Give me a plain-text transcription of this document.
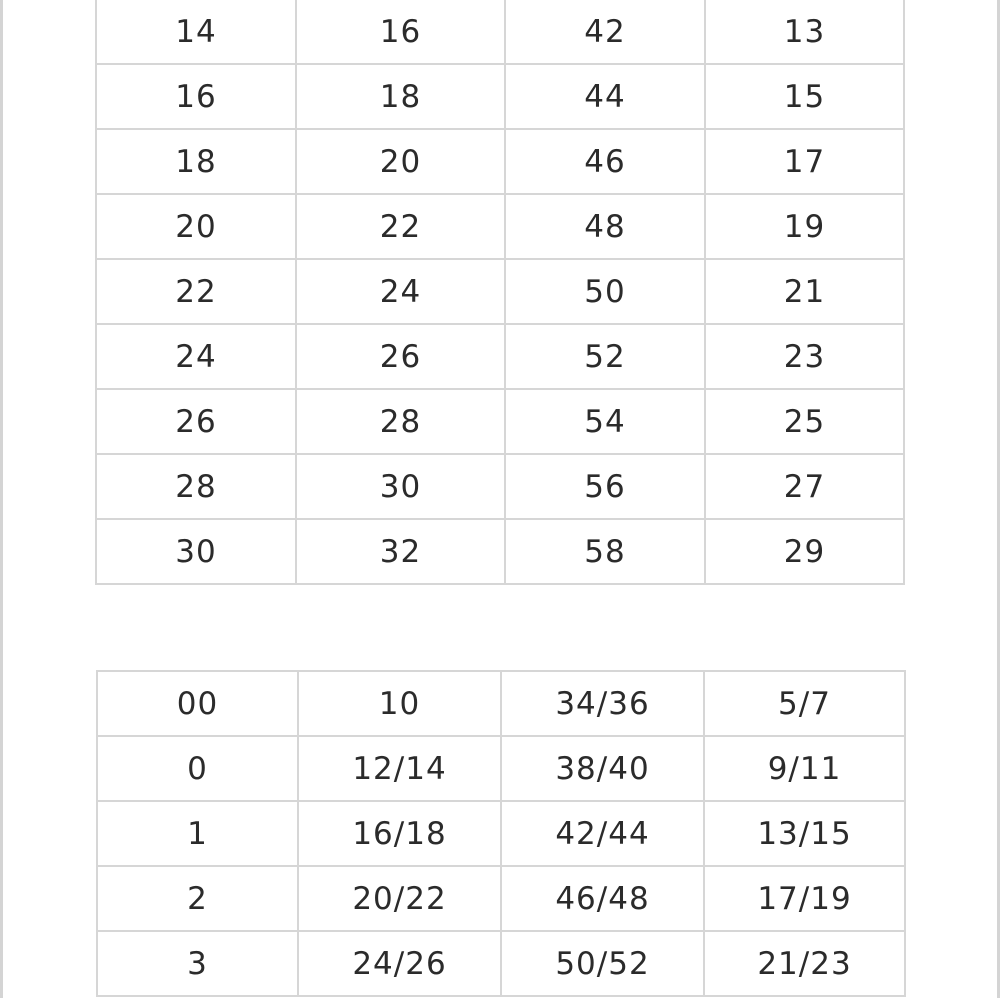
14	16	42	13
16	18	44	15
18	20	46	17
20	22	48	19
22	24	50	21
24	26	52	23
26	28	54	25
28	30	56	27
30	32	58	29
00	10	34/36	5/7
0	12/14	38/40	9/11
1	16/18	42/44	13/15
2	20/22	46/48	17/19
3	24/26	50/52	21/23
